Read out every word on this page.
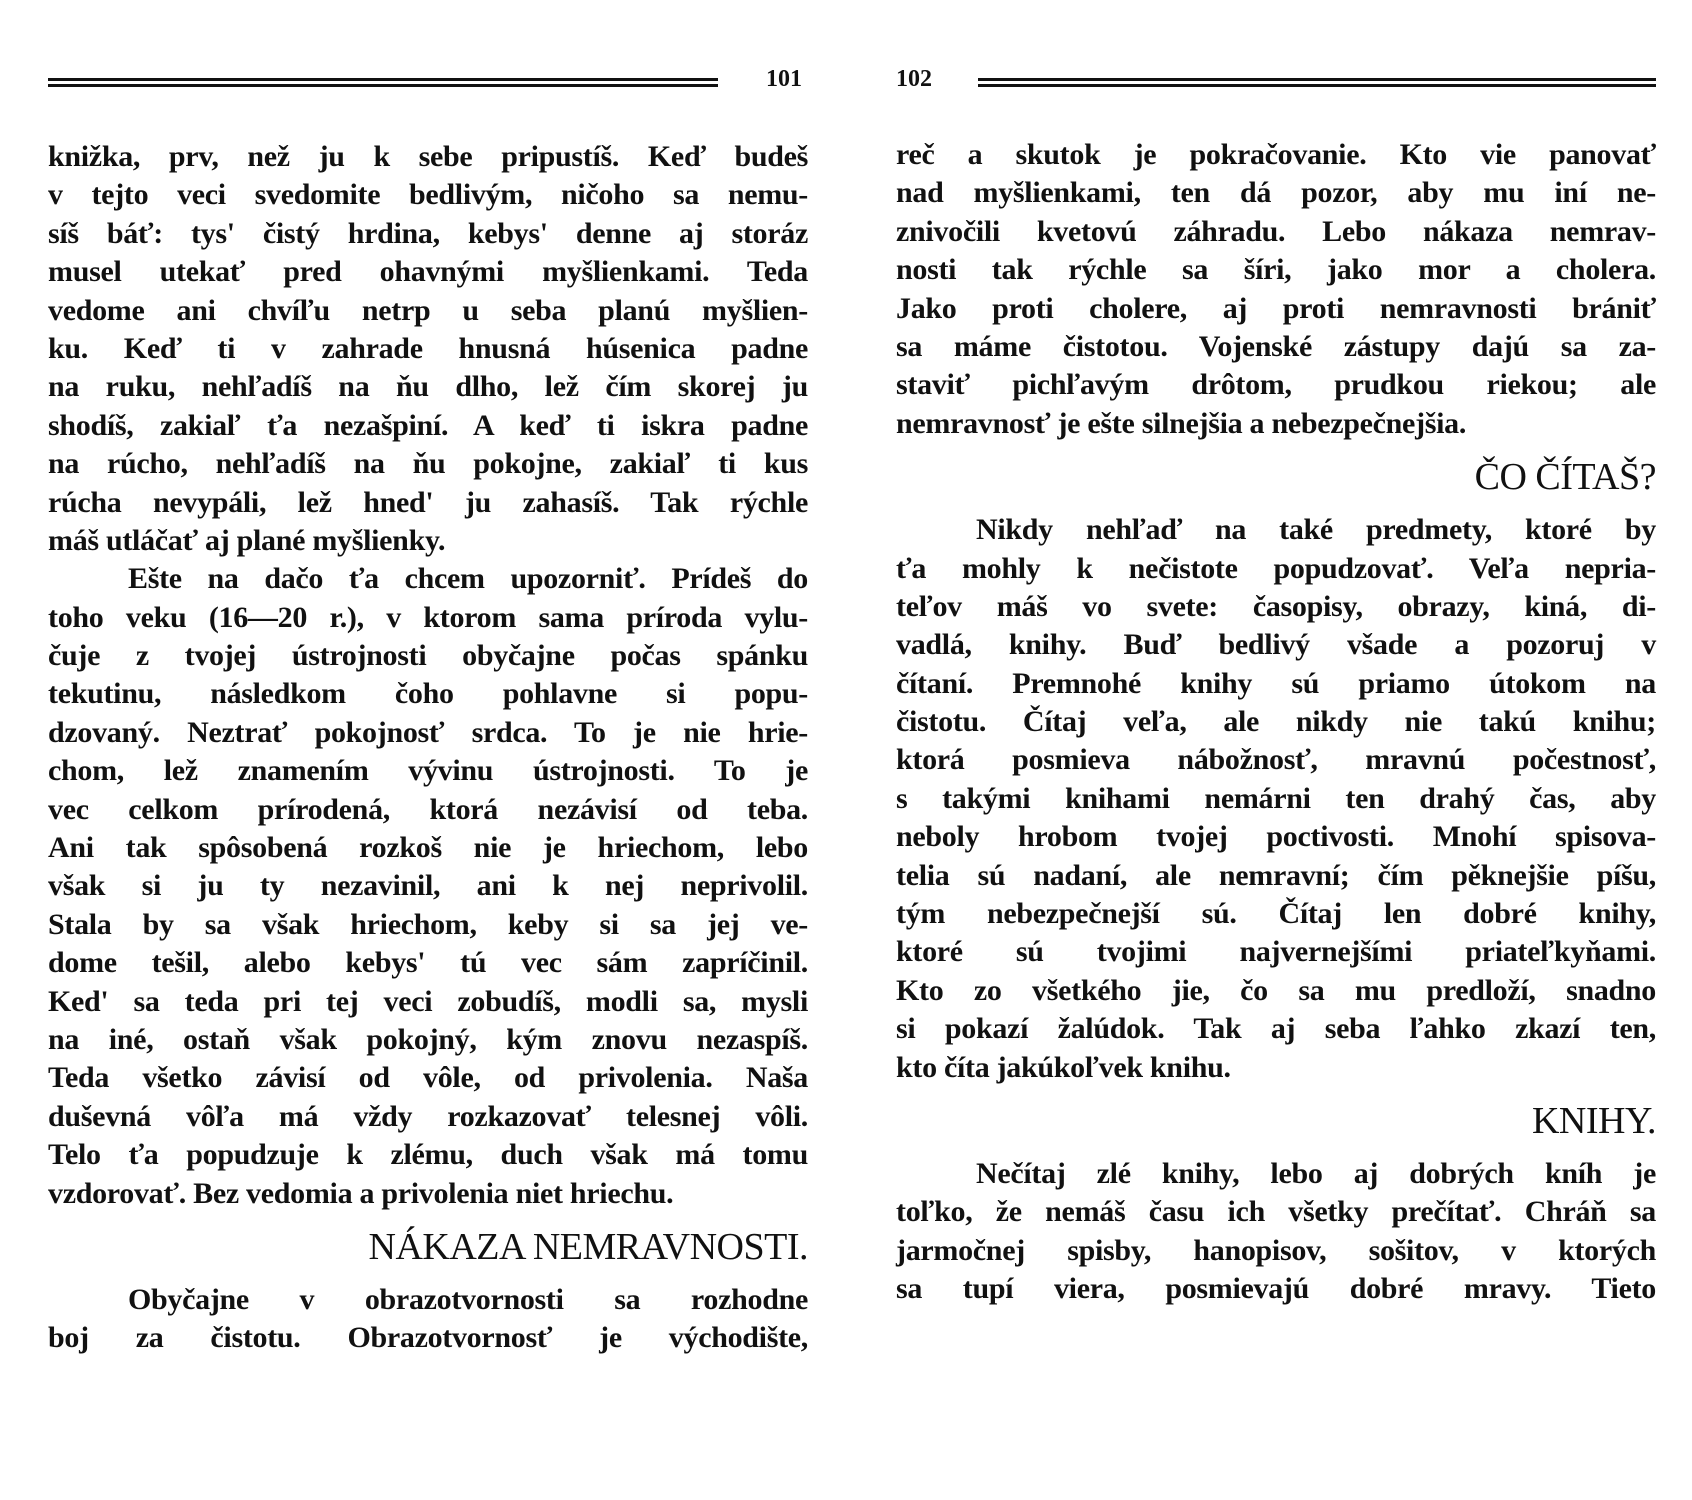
101
knižka, prv, než ju k sebe pripustíš. Keď budeš
v tejto veci svedomite bedlivým, ničoho sa nemu-
síš báť: tys' čistý hrdina, kebys' denne aj storáz
musel utekať pred ohavnými myšlienkami. Teda
vedome ani chvíľu netrp u seba planú myšlien-
ku. Keď ti v zahrade hnusná húsenica padne
na ruku, nehľadíš na ňu dlho, lež čím skorej ju
shodíš, zakiaľ ťa nezašpiní. A keď ti iskra padne
na rúcho, nehľadíš na ňu pokojne, zakiaľ ti kus
rúcha nevypáli, lež hned' ju zahasíš. Tak rýchle
máš utláčať aj plané myšlienky.
Ešte na dačo ťa chcem upozorniť. Prídeš do
toho veku (16—20 r.), v ktorom sama príroda vylu-
čuje z tvojej ústrojnosti obyčajne počas spánku
tekutinu, následkom čoho pohlavne si popu-
dzovaný. Neztrať pokojnosť srdca. To je nie hrie-
chom, lež znamením vývinu ústrojnosti. To je
vec celkom prírodená, ktorá nezávisí od teba.
Ani tak spôsobená rozkoš nie je hriechom, lebo
však si ju ty nezavinil, ani k nej neprivolil.
Stala by sa však hriechom, keby si sa jej ve-
dome tešil, alebo kebys' tú vec sám zapríčinil.
Ked' sa teda pri tej veci zobudíš, modli sa, mysli
na iné, ostaň však pokojný, kým znovu nezaspíš.
Teda všetko závisí od vôle, od privolenia. Naša
duševná vôľa má vždy rozkazovať telesnej vôli.
Telo ťa popudzuje k zlému, duch však má tomu
vzdorovať. Bez vedomia a privolenia niet hriechu.
NÁKAZA NEMRAVNOSTI.
Obyčajne v obrazotvornosti sa rozhodne
boj za čistotu. Obrazotvornosť je východište,
102
reč a skutok je pokračovanie. Kto vie panovať
nad myšlienkami, ten dá pozor, aby mu iní ne-
znivočili kvetovú záhradu. Lebo nákaza nemrav-
nosti tak rýchle sa šíri, jako mor a cholera.
Jako proti cholere, aj proti nemravnosti brániť
sa máme čistotou. Vojenské zástupy dajú sa za-
staviť pichľavým drôtom, prudkou riekou; ale
nemravnosť je ešte silnejšia a nebezpečnejšia.
ČO ČÍTAŠ?
Nikdy nehľaď na také predmety, ktoré by
ťa mohly k nečistote popudzovať. Veľa nepria-
teľov máš vo svete: časopisy, obrazy, kiná, di-
vadlá, knihy. Buď bedlivý všade a pozoruj v
čítaní. Premnohé knihy sú priamo útokom na
čistotu. Čítaj veľa, ale nikdy nie takú knihu;
ktorá posmieva nábožnosť, mravnú počestnosť,
s takými knihami nemárni ten drahý čas, aby
neboly hrobom tvojej poctivosti. Mnohí spisova-
telia sú nadaní, ale nemravní; čím pěknejšie píšu,
tým nebezpečnejší sú. Čítaj len dobré knihy,
ktoré sú tvojimi najvernejšími priateľkyňami.
Kto zo všetkého jie, čo sa mu predloží, snadno
si pokazí žalúdok. Tak aj seba ľahko zkazí ten,
kto číta jakúkoľvek knihu.
KNIHY.
Nečítaj zlé knihy, lebo aj dobrých kníh je
toľko, že nemáš času ich všetky prečítať. Chráň sa
jarmočnej spisby, hanopisov, sošitov, v ktorých
sa tupí viera, posmievajú dobré mravy. Tieto
